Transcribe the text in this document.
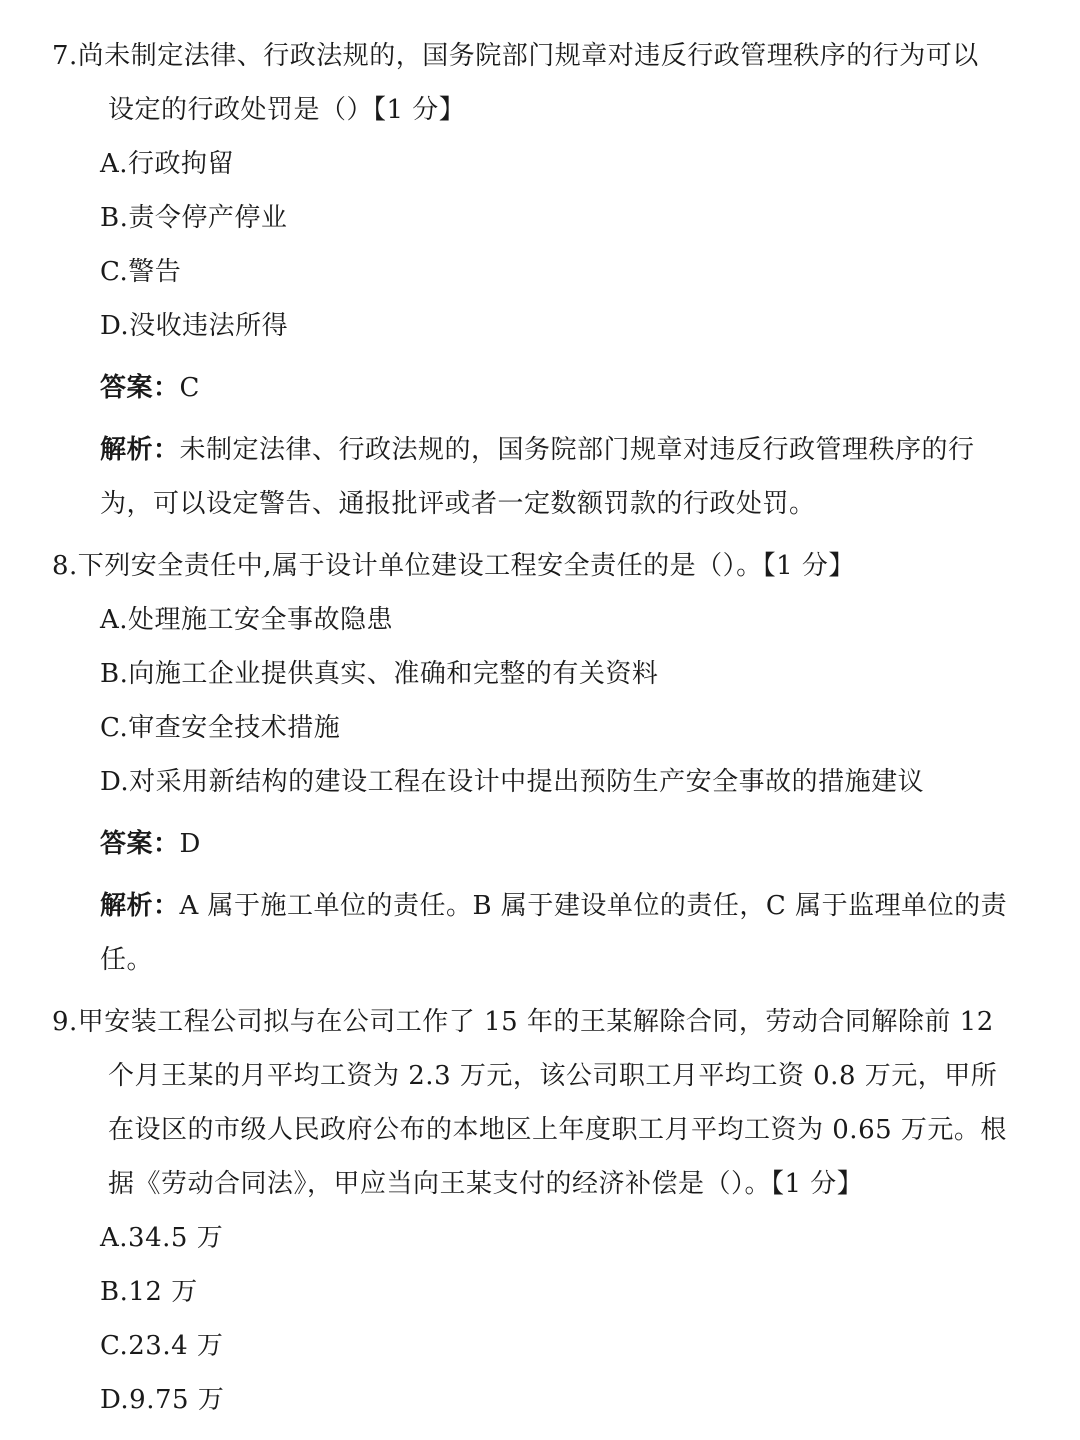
7.尚未制定法律、行政法规的，国务院部门规章对违反行政管理秩序的行为可以
设定的行政处罚是（）【1 分】
A.行政拘留
B.责令停产停业
C.警告
D.没收违法所得
答案：C
解析：未制定法律、行政法规的，国务院部门规章对违反行政管理秩序的行
为，可以设定警告、通报批评或者一定数额罚款的行政处罚。
8.下列安全责任中,属于设计单位建设工程安全责任的是（）。【1 分】
A.处理施工安全事故隐患
B.向施工企业提供真实、准确和完整的有关资料
C.审查安全技术措施
D.对采用新结构的建设工程在设计中提出预防生产安全事故的措施建议
答案：D
解析：A 属于施工单位的责任。B 属于建设单位的责任，C 属于监理单位的责
任。
9.甲安装工程公司拟与在公司工作了 15 年的王某解除合同，劳动合同解除前 12
个月王某的月平均工资为 2.3 万元，该公司职工月平均工资 0.8 万元，甲所
在设区的市级人民政府公布的本地区上年度职工月平均工资为 0.65 万元。根
据《劳动合同法》，甲应当向王某支付的经济补偿是（）。【1 分】
A.34.5 万
B.12 万
C.23.4 万
D.9.75 万
